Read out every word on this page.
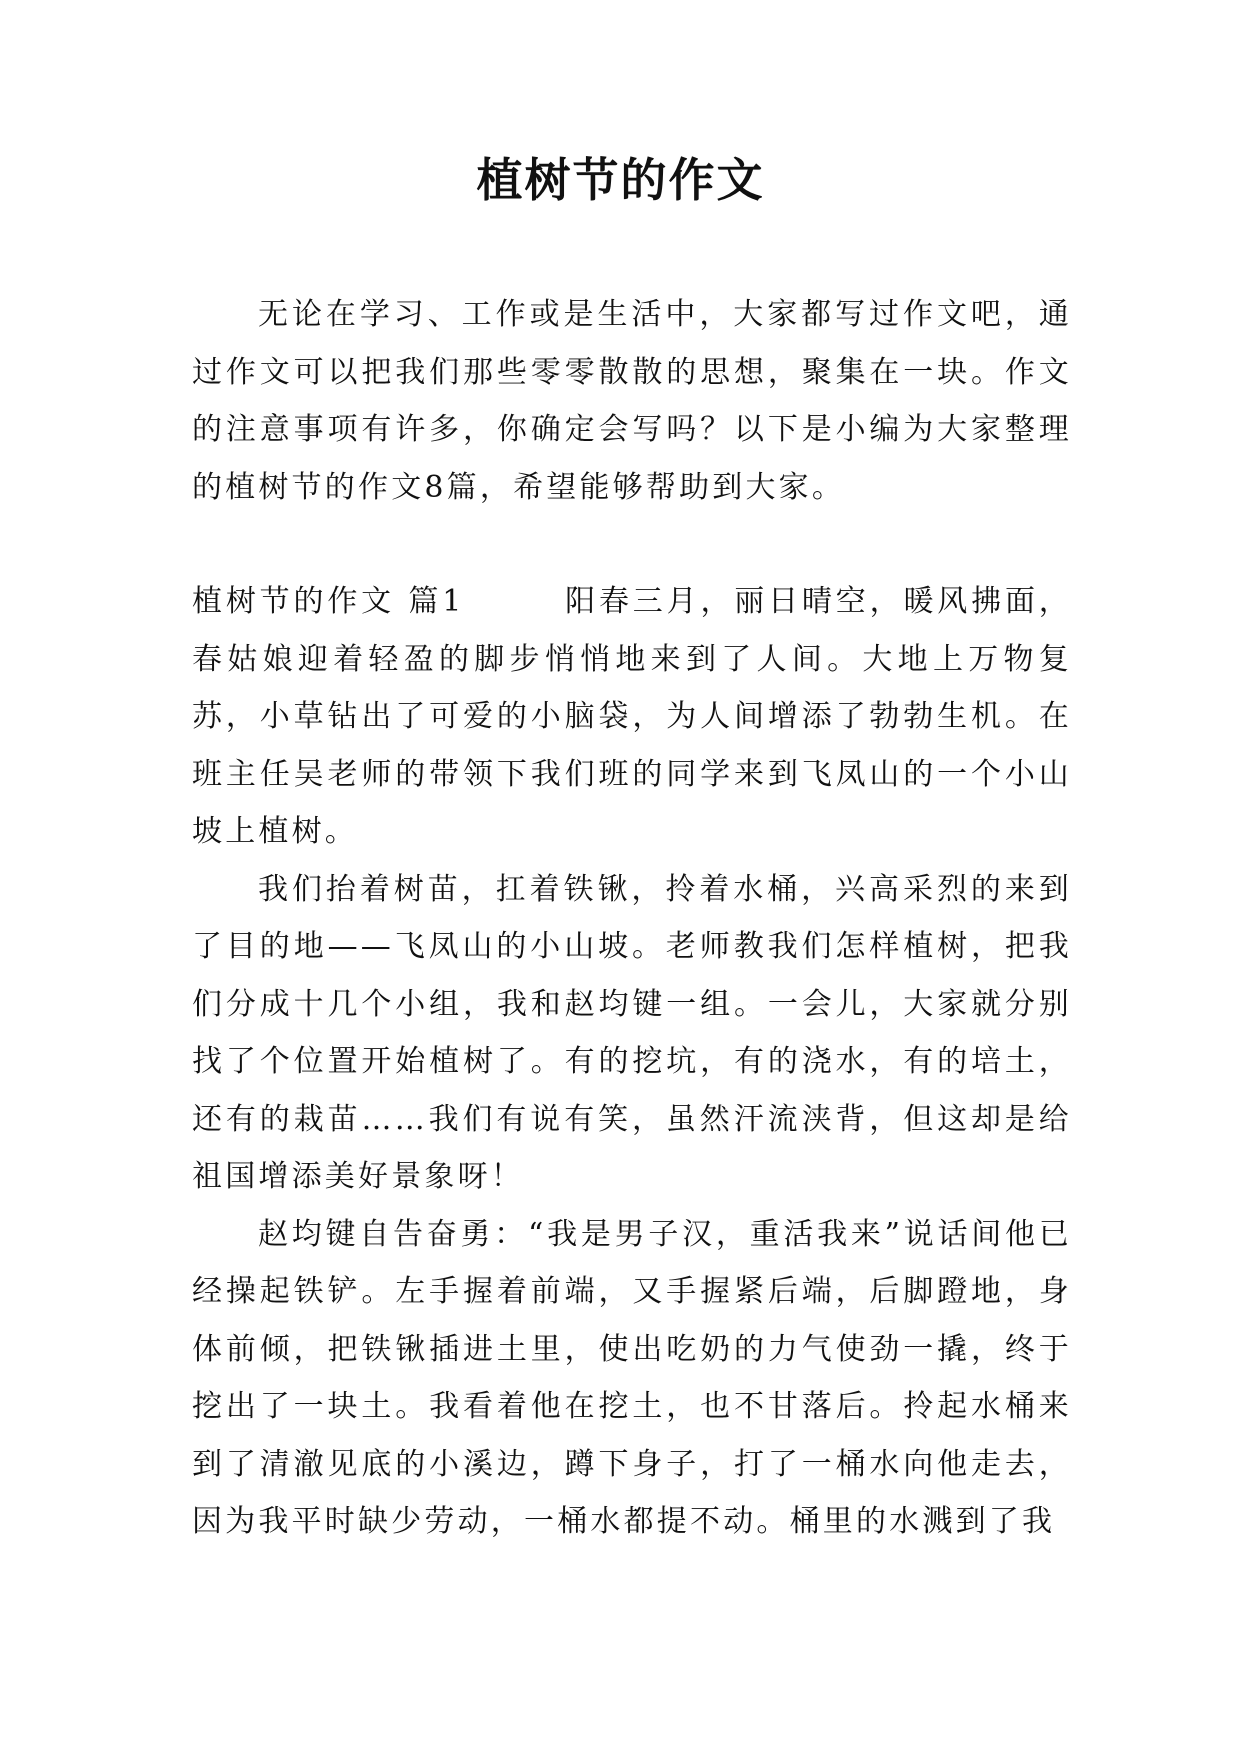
植树节的作文

无论在学习、工作或是生活中，大家都写过作文吧，通过作文可以把我们那些零零散散的思想，聚集在一块。作文的注意事项有许多，你确定会写吗？以下是小编为大家整理的植树节的作文8篇，希望能够帮助到大家。

植树节的作文 篇1	阳春三月，丽日晴空，暖风拂面，春姑娘迎着轻盈的脚步悄悄地来到了人间。大地上万物复苏，小草钻出了可爱的小脑袋，为人间增添了勃勃生机。在班主任吴老师的带领下我们班的同学来到飞凤山的一个小山坡上植树。

我们抬着树苗，扛着铁锹，拎着水桶，兴高采烈的来到了目的地——飞凤山的小山坡。老师教我们怎样植树，把我们分成十几个小组，我和赵均键一组。一会儿，大家就分别找了个位置开始植树了。有的挖坑，有的浇水，有的培土，还有的栽苗……我们有说有笑，虽然汗流浃背，但这却是给祖国增添美好景象呀！

赵均键自告奋勇：“我是男子汉，重活我来”说话间他已经操起铁铲。左手握着前端，又手握紧后端，后脚蹬地，身体前倾，把铁锹插进土里，使出吃奶的力气使劲一撬，终于挖出了一块土。我看着他在挖土，也不甘落后。拎起水桶来到了清澈见底的小溪边，蹲下身子，打了一桶水向他走去，因为我平时缺少劳动，一桶水都提不动。桶里的水溅到了我
